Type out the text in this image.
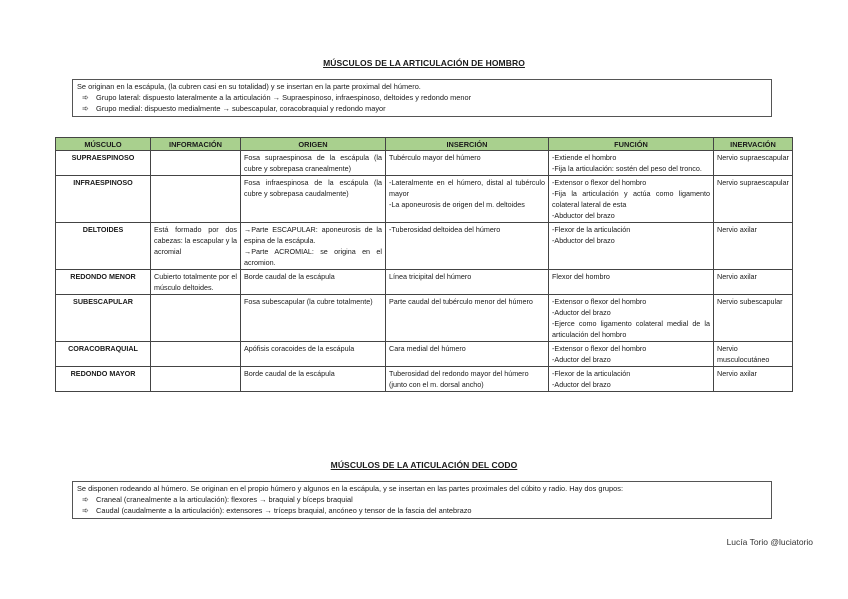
MÚSCULOS DE LA ARTICULACIÓN DE HOMBRO
Se originan en la escápula, (la cubren casi en su totalidad) y se insertan en la parte proximal del húmero.
➾ Grupo lateral: dispuesto lateralmente a la articulación → Supraespinoso, infraespinoso, deltoides y redondo menor
➾ Grupo medial: dispuesto medialmente → subescapular, coracobraquial y redondo mayor
MÚSCULO	INFORMACIÓN	ORIGEN	INSERCIÓN	FUNCIÓN	INERVACIÓN
SUPRAESPINOSO		Fosa supraespinosa de la escápula (la cubre y sobrepasa cranealmente)	Tubérculo mayor del húmero	-Extiende el hombro
-Fija la articulación: sostén del peso del tronco.	Nervio supraescapular
INFRAESPINOSO		Fosa infraespinosa de la escápula (la cubre y sobrepasa caudalmente)	-Lateralmente en el húmero, distal al tubérculo mayor
-La aponeurosis de origen del m. deltoides	-Extensor o flexor del hombro
-Fija la articulación y actúa como ligamento colateral lateral de esta
-Abductor del brazo	Nervio supraescapular
DELTOIDES	Está formado por dos cabezas: la escapular y la acromial	→Parte ESCAPULAR: aponeurosis de la espina de la escápula.
→Parte ACROMIAL: se origina en el acromion.	-Tuberosidad deltoidea del húmero	-Flexor de la articulación
-Abductor del brazo	Nervio axilar
REDONDO MENOR	Cubierto totalmente por el músculo deltoides.	Borde caudal de la escápula	Línea tricipital del húmero	Flexor del hombro	Nervio axilar
SUBESCAPULAR		Fosa subescapular (la cubre totalmente)	Parte caudal del tubérculo menor del húmero	-Extensor o flexor del hombro
-Aductor del brazo
-Ejerce como ligamento colateral medial de la articulación del hombro	Nervio subescapular
CORACOBRAQUIAL		Apófisis coracoides de la escápula	Cara medial del húmero	-Extensor o flexor del hombro
-Aductor del brazo	Nervio musculocutáneo
REDONDO MAYOR		Borde caudal de la escápula	Tuberosidad del redondo mayor del húmero (junto con el m. dorsal ancho)	-Flexor de la articulación
-Aductor del brazo	Nervio axilar
MÚSCULOS DE LA ATICULACIÓN DEL CODO
Se disponen rodeando al húmero. Se originan en el propio húmero y algunos en la escápula, y se insertan en las partes proximales del cúbito y radio. Hay dos grupos:
➾ Craneal (cranealmente a la articulación): flexores → braquial y bíceps braquial
➾ Caudal (caudalmente a la articulación): extensores → tríceps braquial, ancóneo y tensor de la fascia del antebrazo
Lucía Torio @luciatorio
